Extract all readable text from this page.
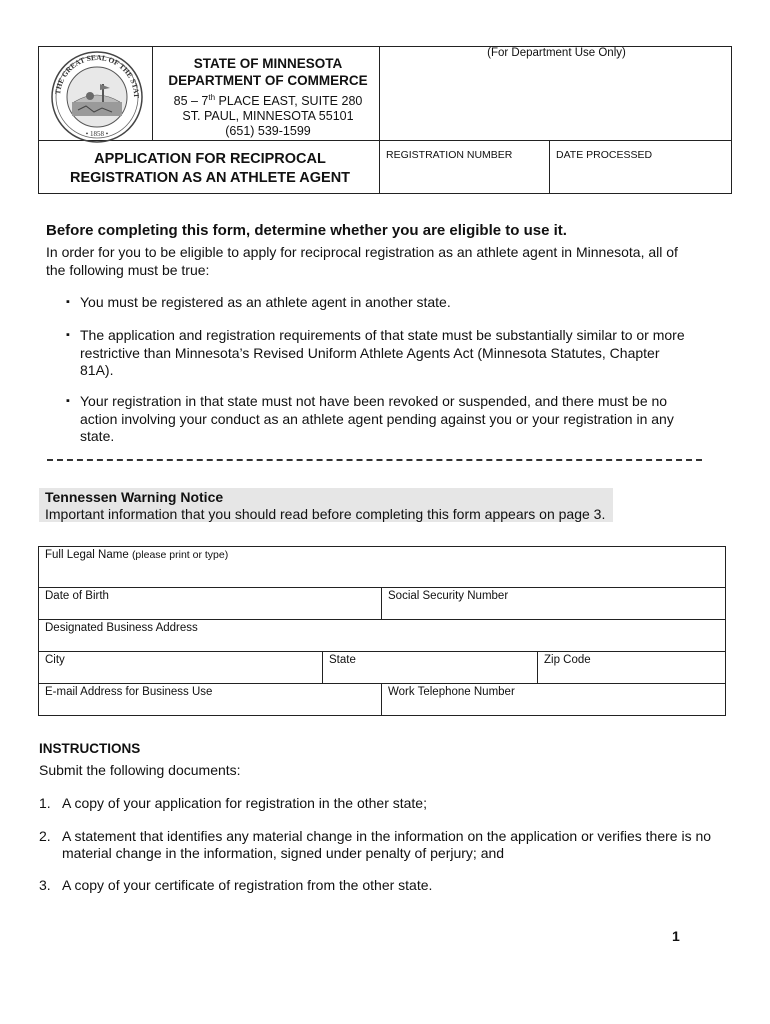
THE GREAT SEAL OF THE STAT
• 1858 •
STATE OF MINNESOTA
DEPARTMENT OF COMMERCE
85 – 7th PLACE EAST, SUITE 280
ST. PAUL, MINNESOTA 55101
(651) 539-1599
(For Department Use Only)
APPLICATION FOR RECIPROCAL
REGISTRATION AS AN ATHLETE AGENT
REGISTRATION NUMBER	DATE PROCESSED
Before completing this form, determine whether you are eligible to use it.
In order for you to be eligible to apply for reciprocal registration as an athlete agent in Minnesota, all of the following must be true:
▪ You must be registered as an athlete agent in another state.
▪ The application and registration requirements of that state must be substantially similar to or more restrictive than Minnesota’s Revised Uniform Athlete Agents Act (Minnesota Statutes, Chapter 81A).
▪ Your registration in that state must not have been revoked or suspended, and there must be no action involving your conduct as an athlete agent pending against you or your registration in any state.
Tennessen Warning Notice
Important information that you should read before completing this form appears on page 3.
Full Legal Name (please print or type)
Date of Birth	Social Security Number
Designated Business Address
City	State	Zip Code
E-mail Address for Business Use	Work Telephone Number
INSTRUCTIONS
Submit the following documents:
1. A copy of your application for registration in the other state;
2. A statement that identifies any material change in the information on the application or verifies there is no material change in the information, signed under penalty of perjury; and
3. A copy of your certificate of registration from the other state.
1
